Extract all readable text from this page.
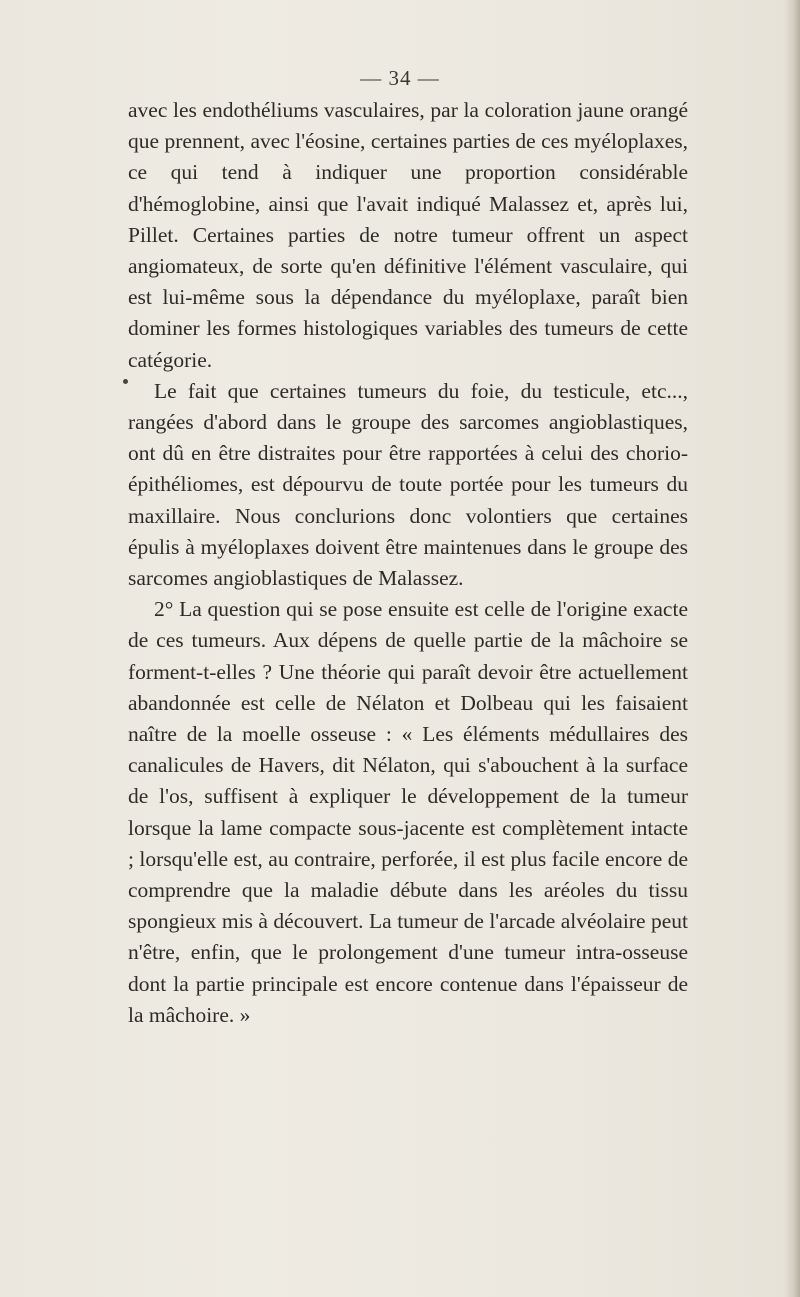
— 34 —

avec les endothéliums vasculaires, par la coloration jaune orangé que prennent, avec l'éosine, certaines parties de ces myéloplaxes, ce qui tend à indiquer une proportion considérable d'hémoglobine, ainsi que l'avait indiqué Malassez et, après lui, Pillet. Certaines parties de notre tumeur offrent un aspect angiomateux, de sorte qu'en définitive l'élément vasculaire, qui est lui-même sous la dépendance du myéloplaxe, paraît bien dominer les formes histologiques variables des tumeurs de cette catégorie.

Le fait que certaines tumeurs du foie, du testicule, etc..., rangées d'abord dans le groupe des sarcomes angioblastiques, ont dû en être distraites pour être rapportées à celui des chorio-épithéliomes, est dépourvu de toute portée pour les tumeurs du maxillaire. Nous conclurions donc volontiers que certaines épulis à myéloplaxes doivent être maintenues dans le groupe des sarcomes angioblastiques de Malassez.

2° La question qui se pose ensuite est celle de l'origine exacte de ces tumeurs. Aux dépens de quelle partie de la mâchoire se forment-t-elles ? Une théorie qui paraît devoir être actuellement abandonnée est celle de Nélaton et Dolbeau qui les faisaient naître de la moelle osseuse : « Les éléments médullaires des canalicules de Havers, dit Nélaton, qui s'abouchent à la surface de l'os, suffisent à expliquer le développement de la tumeur lorsque la lame compacte sous-jacente est complètement intacte ; lorsqu'elle est, au contraire, perforée, il est plus facile encore de comprendre que la maladie débute dans les aréoles du tissu spongieux mis à découvert. La tumeur de l'arcade alvéolaire peut n'être, enfin, que le prolongement d'une tumeur intra-osseuse dont la partie principale est encore contenue dans l'épaisseur de la mâchoire. »
